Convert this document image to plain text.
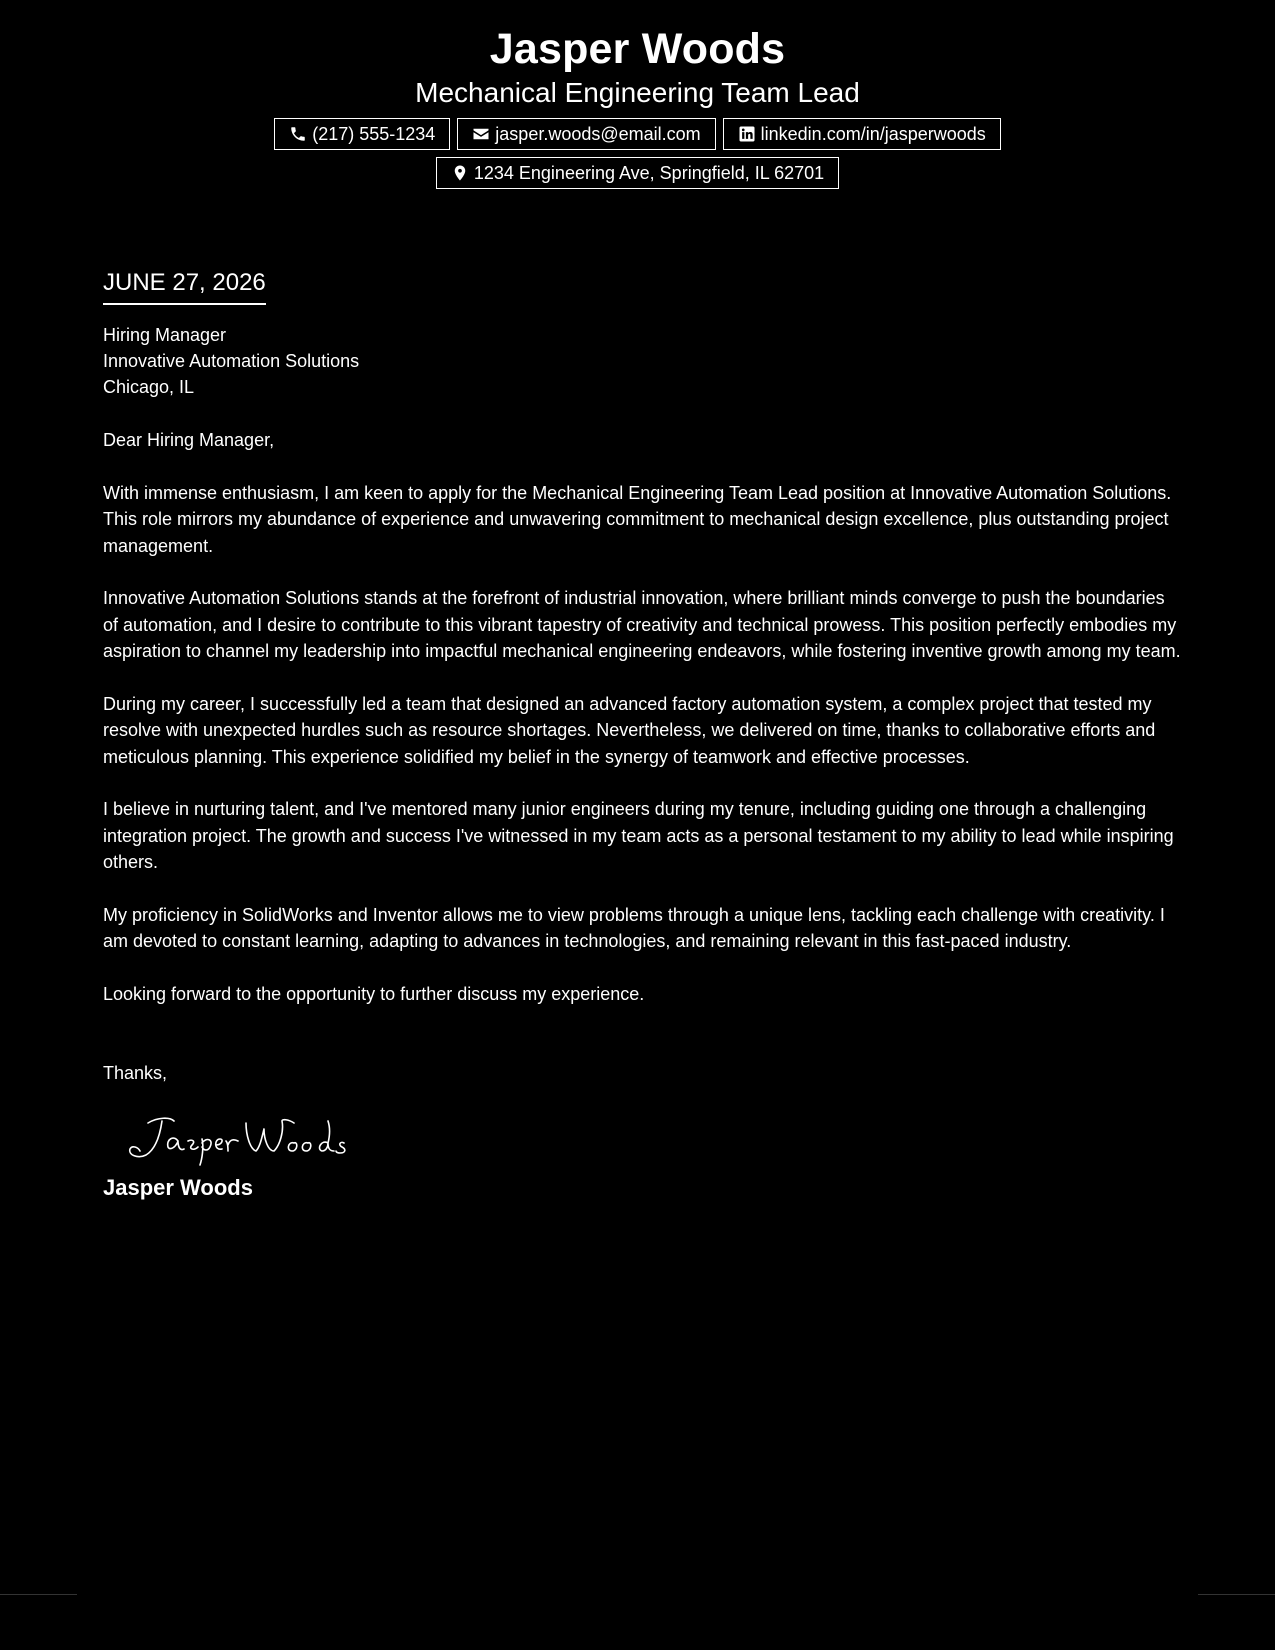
Jasper Woods
Mechanical Engineering Team Lead
(217) 555-1234	jasper.woods@email.com	linkedin.com/in/jasperwoods
1234 Engineering Ave, Springfield, IL 62701
JUNE 27, 2026
Hiring Manager
Innovative Automation Solutions
Chicago, IL
Dear Hiring Manager,
With immense enthusiasm, I am keen to apply for the Mechanical Engineering Team Lead position at Innovative Automation Solutions. This role mirrors my abundance of experience and unwavering commitment to mechanical design excellence, plus outstanding project management.
Innovative Automation Solutions stands at the forefront of industrial innovation, where brilliant minds converge to push the boundaries of automation, and I desire to contribute to this vibrant tapestry of creativity and technical prowess. This position perfectly embodies my aspiration to channel my leadership into impactful mechanical engineering endeavors, while fostering inventive growth among my team.
During my career, I successfully led a team that designed an advanced factory automation system, a complex project that tested my resolve with unexpected hurdles such as resource shortages. Nevertheless, we delivered on time, thanks to collaborative efforts and meticulous planning. This experience solidified my belief in the synergy of teamwork and effective processes.
I believe in nurturing talent, and I've mentored many junior engineers during my tenure, including guiding one through a challenging integration project. The growth and success I've witnessed in my team acts as a personal testament to my ability to lead while inspiring others.
My proficiency in SolidWorks and Inventor allows me to view problems through a unique lens, tackling each challenge with creativity. I am devoted to constant learning, adapting to advances in technologies, and remaining relevant in this fast-paced industry.
Looking forward to the opportunity to further discuss my experience.
Thanks,
Jasper Woods
